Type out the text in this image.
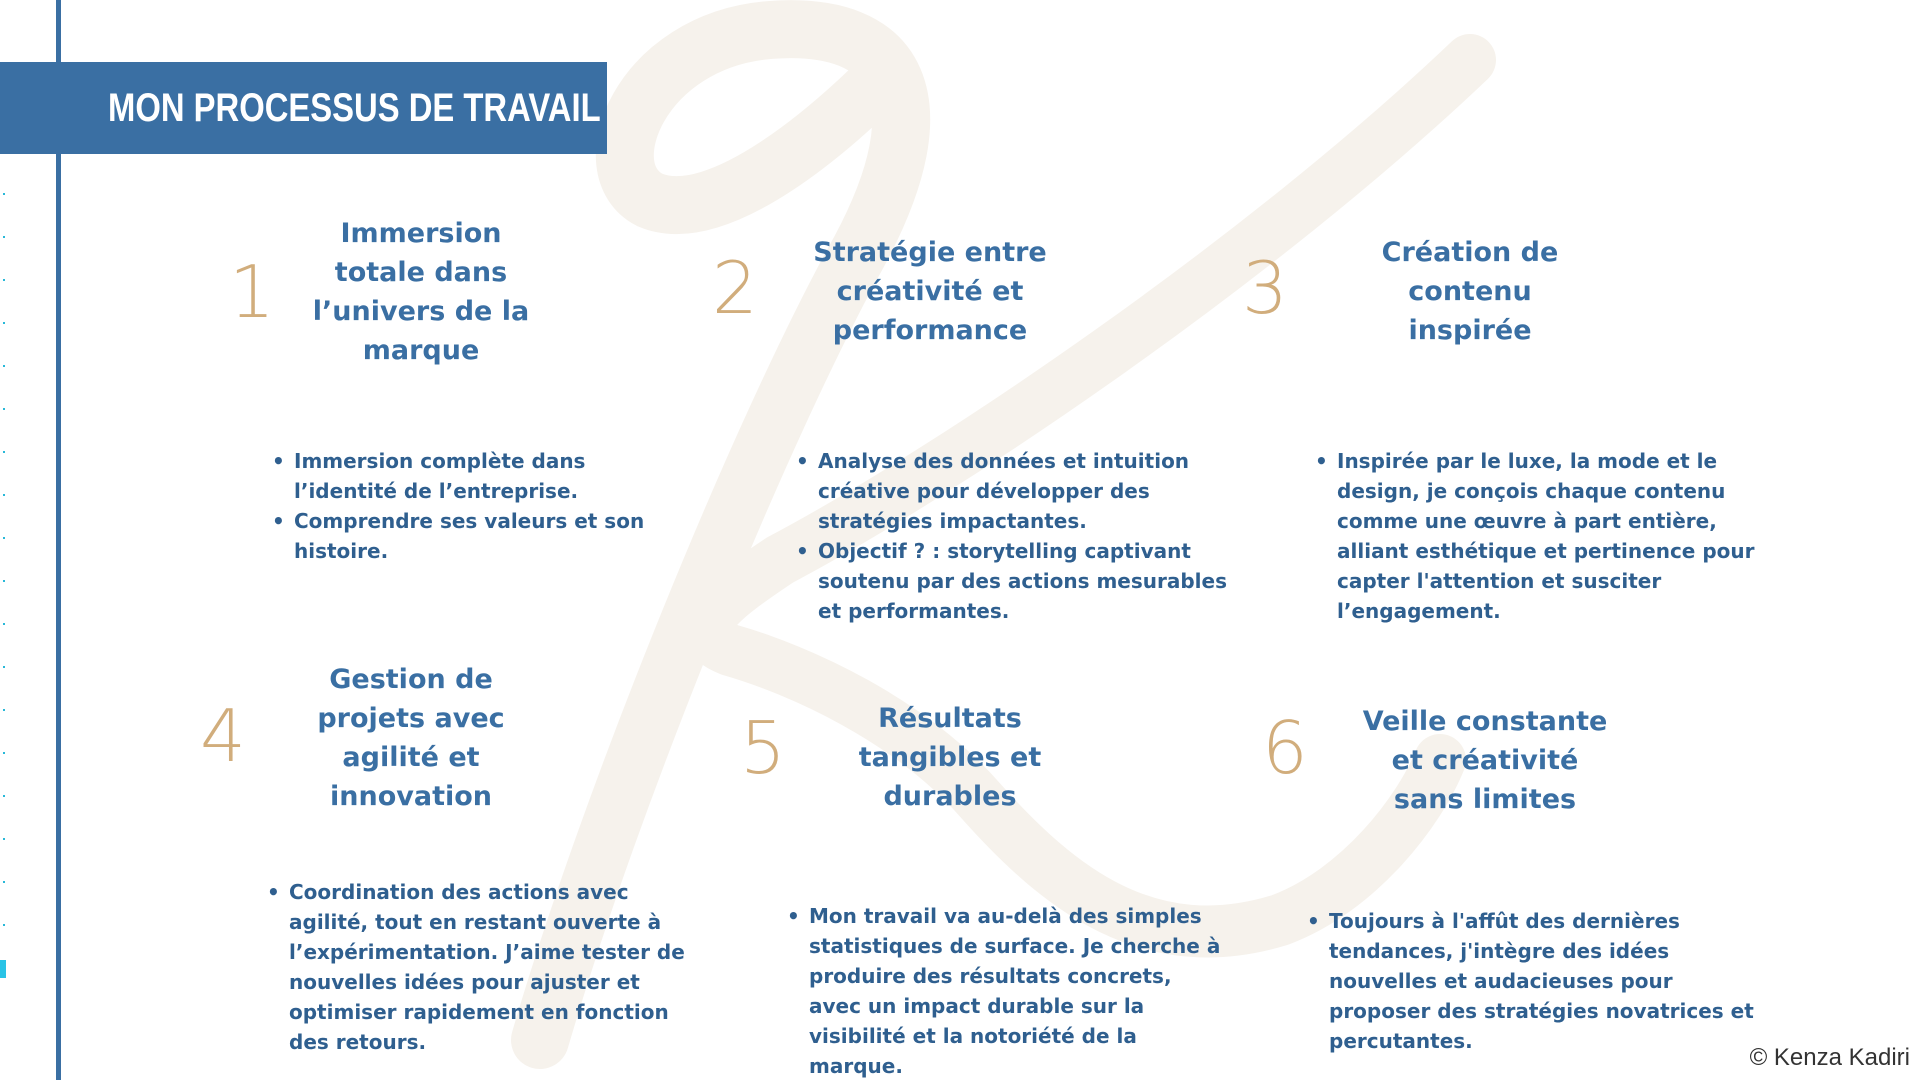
MON PROCESSUS DE TRAVAIL
1
Immersion totale dans l’univers de la marque
• Immersion complète dans l’identité de l’entreprise.
• Comprendre ses valeurs et son histoire.
2	Stratégie entre créativité et performance
• Analyse des données et intuition créative pour développer des stratégies impactantes.
• Objectif ? : storytelling captivant soutenu par des actions mesurables et performantes.
3	Création de contenu inspirée
• Inspirée par le luxe, la mode et le design, je conçois chaque contenu comme une œuvre à part entière, alliant esthétique et pertinence pour capter l'attention et susciter l’engagement.
4
Gestion de projets avec agilité et innovation
• Coordination des actions avec agilité, tout en restant ouverte à l’expérimentation. J’aime tester de nouvelles idées pour ajuster et optimiser rapidement en fonction des retours.
5	Résultats tangibles et durables
• Mon travail va au-delà des simples statistiques de surface. Je cherche à produire des résultats concrets, avec un impact durable sur la visibilité et la notoriété de la marque.
6 Veille constante et créativité sans limites
• Toujours à l'affût des dernières tendances, j'intègre des idées nouvelles et audacieuses pour proposer des stratégies novatrices et percutantes.
© Kenza Kadiri
